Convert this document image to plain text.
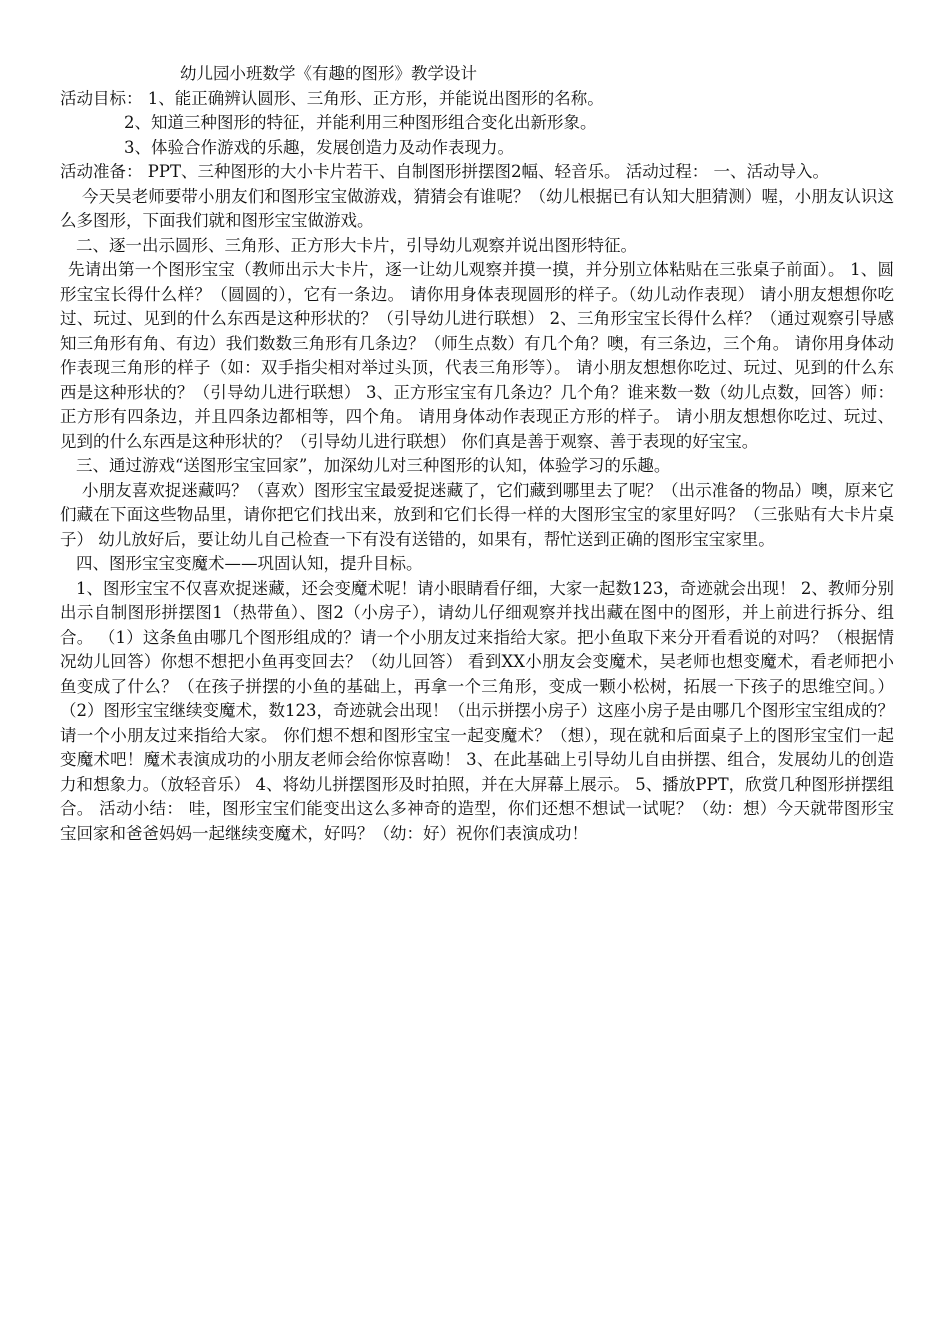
幼儿园小班数学《有趣的图形》教学设计

活动目标： 1、能正确辨认圆形、三角形、正方形，并能说出图形的名称。

2、知道三种图形的特征，并能利用三种图形组合变化出新形象。

3、体验合作游戏的乐趣，发展创造力及动作表现力。

活动准备： PPT、三种图形的大小卡片若干、自制图形拼摆图2幅、轻音乐。 活动过程： 一、活动导入。

今天吴老师要带小朋友们和图形宝宝做游戏，猜猜会有谁呢？（幼儿根据已有认知大胆猜测）喔，小朋友认识这么多图形，下面我们就和图形宝宝做游戏。

二、逐一出示圆形、三角形、正方形大卡片，引导幼儿观察并说出图形特征。

先请出第一个图形宝宝（教师出示大卡片，逐一让幼儿观察并摸一摸，并分别立体粘贴在三张桌子前面）。 1、圆形宝宝长得什么样？（圆圆的），它有一条边。 请你用身体表现圆形的样子。（幼儿动作表现） 请小朋友想想你吃过、玩过、见到的什么东西是这种形状的？（引导幼儿进行联想） 2、三角形宝宝长得什么样？（通过观察引导感知三角形有角、有边）我们数数三角形有几条边？（师生点数）有几个角？噢，有三条边，三个角。 请你用身体动作表现三角形的样子（如：双手指尖相对举过头顶，代表三角形等）。 请小朋友想想你吃过、玩过、见到的什么东西是这种形状的？（引导幼儿进行联想） 3、正方形宝宝有几条边？几个角？谁来数一数（幼儿点数，回答）师：正方形有四条边，并且四条边都相等，四个角。 请用身体动作表现正方形的样子。 请小朋友想想你吃过、玩过、见到的什么东西是这种形状的？（引导幼儿进行联想） 你们真是善于观察、善于表现的好宝宝。

三、通过游戏“送图形宝宝回家”，加深幼儿对三种图形的认知，体验学习的乐趣。

小朋友喜欢捉迷藏吗？（喜欢）图形宝宝最爱捉迷藏了，它们藏到哪里去了呢？（出示准备的物品）噢，原来它们藏在下面这些物品里，请你把它们找出来，放到和它们长得一样的大图形宝宝的家里好吗？（三张贴有大卡片桌子） 幼儿放好后，要让幼儿自己检查一下有没有送错的，如果有，帮忙送到正确的图形宝宝家里。

四、图形宝宝变魔术——巩固认知，提升目标。

1、图形宝宝不仅喜欢捉迷藏，还会变魔术呢！请小眼睛看仔细，大家一起数123，奇迹就会出现！ 2、教师分别出示自制图形拼摆图1（热带鱼）、图2（小房子），请幼儿仔细观察并找出藏在图中的图形，并上前进行拆分、组合。 （1）这条鱼由哪几个图形组成的？请一个小朋友过来指给大家。把小鱼取下来分开看看说的对吗？（根据情况幼儿回答）你想不想把小鱼再变回去？（幼儿回答） 看到XX小朋友会变魔术，吴老师也想变魔术，看老师把小鱼变成了什么？（在孩子拼摆的小鱼的基础上，再拿一个三角形，变成一颗小松树，拓展一下孩子的思维空间。） （2）图形宝宝继续变魔术，数123，奇迹就会出现！（出示拼摆小房子）这座小房子是由哪几个图形宝宝组成的？请一个小朋友过来指给大家。 你们想不想和图形宝宝一起变魔术？（想），现在就和后面桌子上的图形宝宝们一起变魔术吧！魔术表演成功的小朋友老师会给你惊喜呦！ 3、在此基础上引导幼儿自由拼摆、组合，发展幼儿的创造力和想象力。（放轻音乐） 4、将幼儿拼摆图形及时拍照，并在大屏幕上展示。 5、播放PPT，欣赏几种图形拼摆组合。 活动小结： 哇，图形宝宝们能变出这么多神奇的造型，你们还想不想试一试呢？（幼：想）今天就带图形宝宝回家和爸爸妈妈一起继续变魔术，好吗？（幼：好）祝你们表演成功！
